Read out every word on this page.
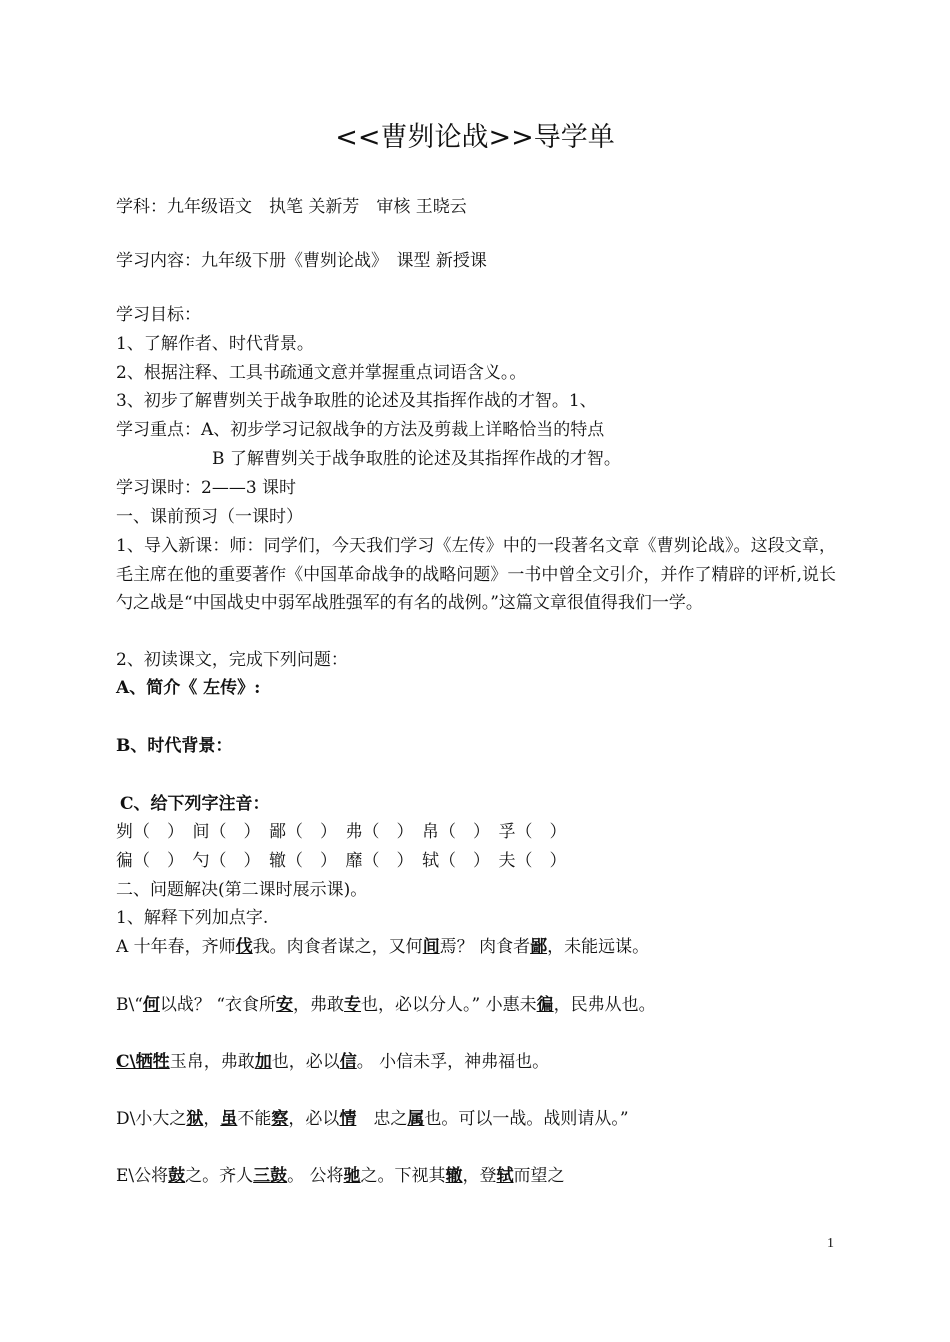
<<曹刿论战>>导学单
学科：九年级语文　执笔 关新芳　审核 王晓云
学习内容：九年级下册《曹刿论战》　课型 新授课
学习目标：
1、了解作者、时代背景。
2、根据注释、工具书疏通文意并掌握重点词语含义。。
3、初步了解曹刿关于战争取胜的论述及其指挥作战的才智。1、
学习重点：A、初步学习记叙战争的方法及剪裁上详略恰当的特点
B 了解曹刿关于战争取胜的论述及其指挥作战的才智。
学习课时：2——3 课时
一、课前预习（一课时）
1、导入新课：师：同学们，今天我们学习《左传》中的一段著名文章《曹刿论战》。这段文章，毛主席在他的重要著作《中国革命战争的战略问题》一书中曾全文引介，并作了精辟的评析,说长勺之战是“中国战史中弱军战胜强军的有名的战例。”这篇文章很值得我们一学。
2、初读课文，完成下列问题：
A、简介《 左传》:
B、时代背景：
C、给下列字注音：
刿（　）　间（　）　鄙（　）　弗（　）　帛（　）　孚（　）
徧（　）　勺（　）　辙（　）　靡（　）　轼（　）　夫（　）
二、问题解决(第二课时展示课)。
1、解释下列加点字.
A 十年春，齐师伐我。肉食者谋之，又何间焉？ 肉食者鄙，未能远谋。
B\“何以战？ “衣食所安，弗敢专也，必以分人。” 小惠未徧，民弗从也。
C\牺牲玉帛，弗敢加也，必以信。 小信未孚，神弗福也。
D\小大之狱，虽不能察，必以情　忠之属也。可以一战。战则请从。”
E\公将鼓之。齐人三鼓。 公将驰之。下视其辙，登轼而望之
1
